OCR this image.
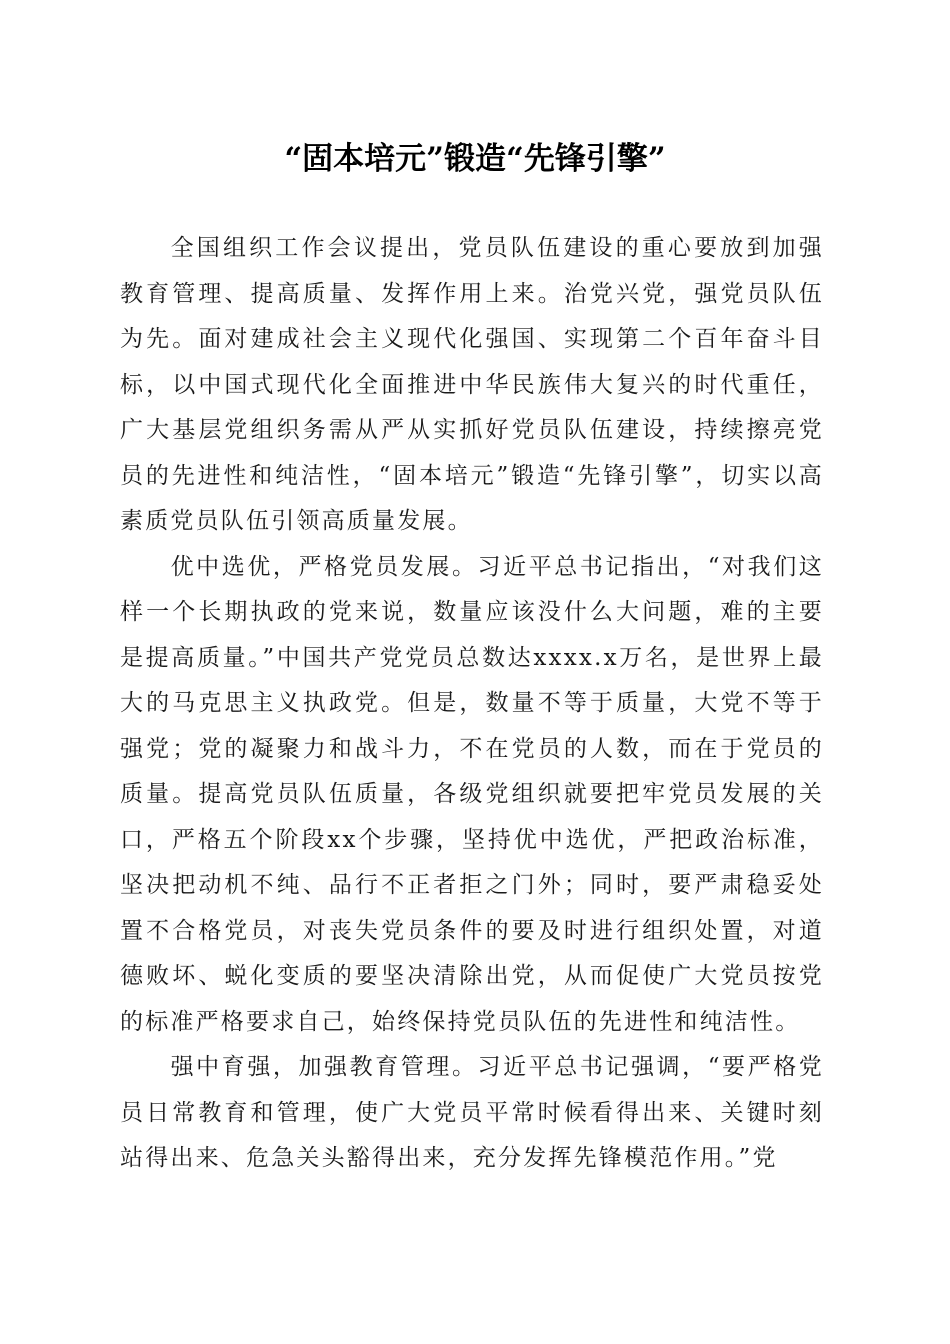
“固本培元”锻造“先锋引擎”

全国组织工作会议提出，党员队伍建设的重心要放到加强教育管理、提高质量、发挥作用上来。治党兴党，强党员队伍为先。面对建成社会主义现代化强国、实现第二个百年奋斗目标，以中国式现代化全面推进中华民族伟大复兴的时代重任，广大基层党组织务需从严从实抓好党员队伍建设，持续擦亮党员的先进性和纯洁性，“固本培元”锻造“先锋引擎”，切实以高素质党员队伍引领高质量发展。

优中选优，严格党员发展。习近平总书记指出，“对我们这样一个长期执政的党来说，数量应该没什么大问题，难的主要是提高质量。”中国共产党党员总数达xxxx.x万名，是世界上最大的马克思主义执政党。但是，数量不等于质量，大党不等于强党；党的凝聚力和战斗力，不在党员的人数，而在于党员的质量。提高党员队伍质量，各级党组织就要把牢党员发展的关口，严格五个阶段xx个步骤，坚持优中选优，严把政治标准，坚决把动机不纯、品行不正者拒之门外；同时，要严肃稳妥处置不合格党员，对丧失党员条件的要及时进行组织处置，对道德败坏、蜕化变质的要坚决清除出党，从而促使广大党员按党的标准严格要求自己，始终保持党员队伍的先进性和纯洁性。

强中育强，加强教育管理。习近平总书记强调，“要严格党员日常教育和管理，使广大党员平常时候看得出来、关键时刻站得出来、危急关头豁得出来，充分发挥先锋模范作用。”党
